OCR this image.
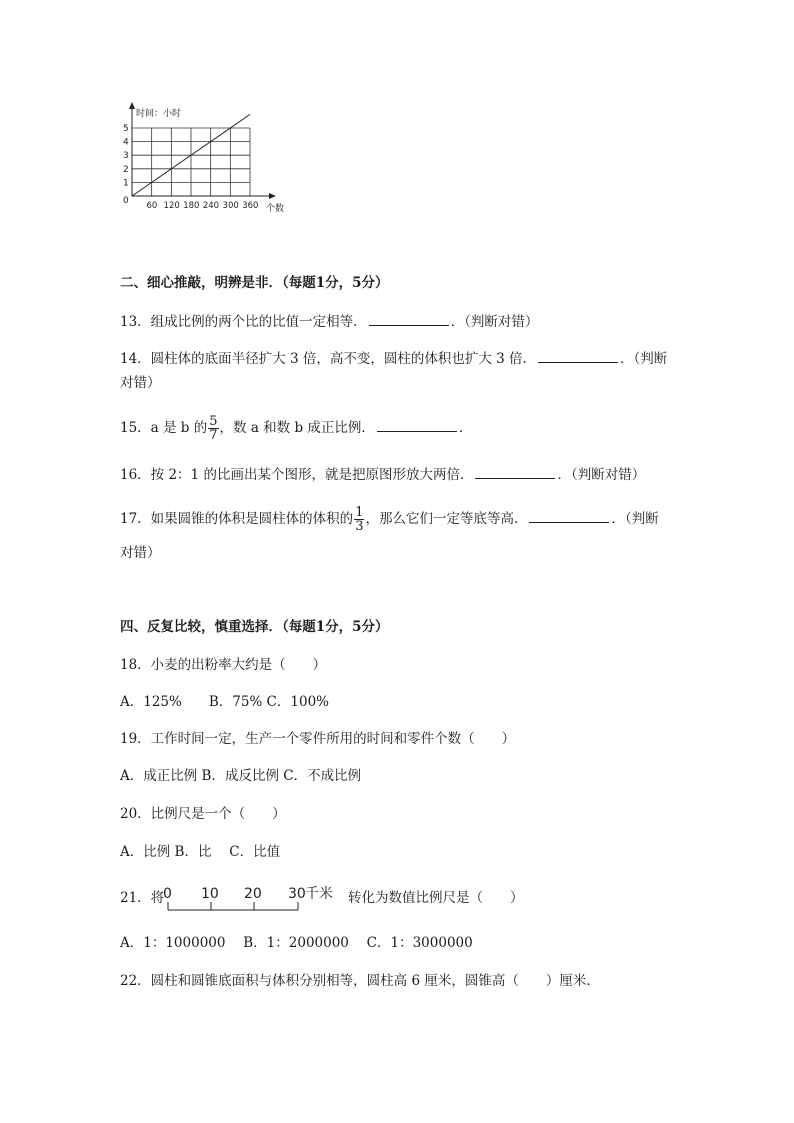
0
1
2
3
4
5
60 120 180 240 300 360
时间：小时
个数
二、细心推敲，明辨是非．（每题1分，5分）
13．组成比例的两个比的比值一定相等．	．（判断对错）
14．圆柱体的底面半径扩大 3 倍，高不变，圆柱的体积也扩大 3 倍．	．（判断
对错）
15．a 是 b 的 $\frac{5}{7}$ ，数 a 和数 b 成正比例．	．
16．按 2：1 的比画出某个图形，就是把原图形放大两倍．	．（判断对错）
17．如果圆锥的体积是圆柱体的体积的 $\frac{1}{3}$ ，那么它们一定等底等高．	．（判断
对错）
四、反复比较，慎重选择．（每题1分，5分）
18．小麦的出粉率大约是（　　）
A．125%　　B．75% C．100%
19．工作时间一定，生产一个零件所用的时间和零件个数（　　）
A．成正比例 B．成反比例 C．不成比例
20．比例尺是一个（　　）
A．比例 B．比　 C．比值
21．将
0 10 20 30 千米 转化为数值比例尺是（　　）
A．1：1000000　 B．1：2000000　 C．1：3000000
22．圆柱和圆锥底面积与体积分别相等，圆柱高 6 厘米，圆锥高（　　）厘米．
